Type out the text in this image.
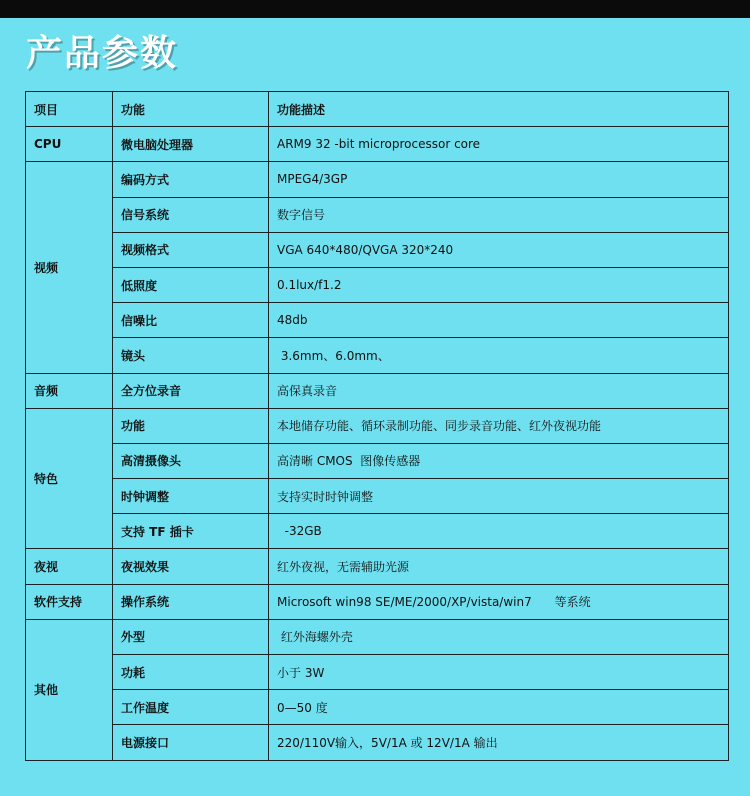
产品参数
项目	功能	功能描述
CPU	微电脑处理器	ARM9 32 -bit microprocessor core
视频	编码方式	MPEG4/3GP
	信号系统	数字信号
	视频格式	VGA 640*480/QVGA 320*240
	低照度	0.1lux/f1.2
	信噪比	48db
	镜头	3.6mm、6.0mm、
音频	全方位录音	高保真录音
特色	功能	本地储存功能、循环录制功能、同步录音功能、红外夜视功能
	高清摄像头	高清晰 CMOS  图像传感器
	时钟调整	支持实时时钟调整
	支持 TF 插卡	-32GB
夜视	夜视效果	红外夜视，无需辅助光源
软件支持	操作系统	Microsoft win98 SE/ME/2000/XP/vista/win7      等系统
其他	外型	红外海螺外壳
	功耗	小于 3W
	工作温度	0—50 度
	电源接口	220/110V输入，5V/1A 或 12V/1A 输出
